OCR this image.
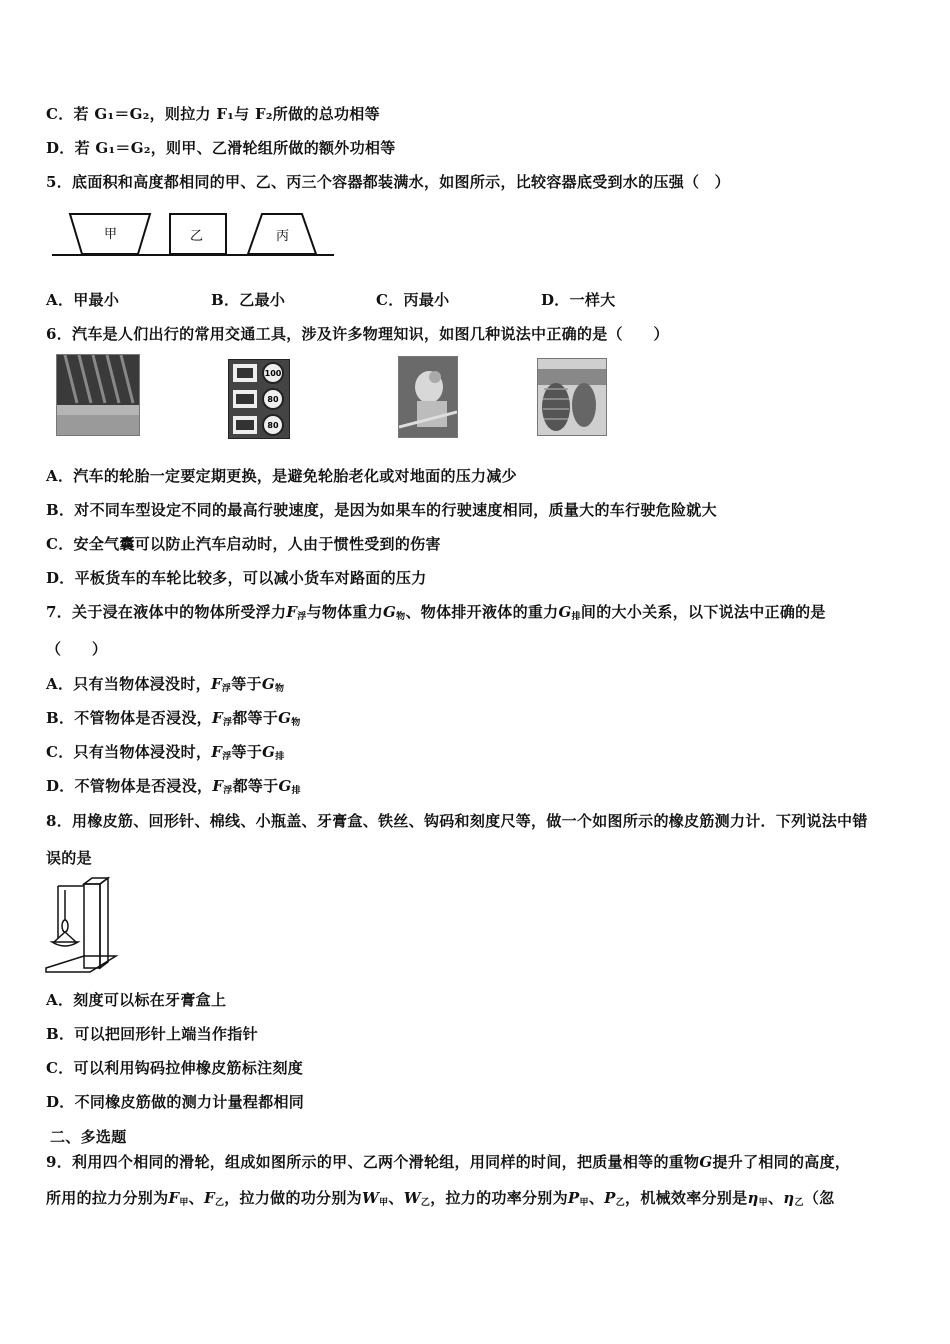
C．若 G₁＝G₂，则拉力 F₁与 F₂所做的总功相等
D．若 G₁＝G₂，则甲、乙滑轮组所做的额外功相等
5．底面积和高度都相同的甲、乙、丙三个容器都装满水，如图所示，比较容器底受到水的压强（　）
甲	乙	丙
A．甲最小	B．乙最小	C．丙最小	D．一样大
6．汽车是人们出行的常用交通工具，涉及许多物理知识，如图几种说法中正确的是（　　）
100
80
80
A．汽车的轮胎一定要定期更换，是避免轮胎老化或对地面的压力减少
B．对不同车型设定不同的最高行驶速度，是因为如果车的行驶速度相同，质量大的车行驶危险就大
C．安全气囊可以防止汽车启动时，人由于惯性受到的伤害
D．平板货车的车轮比较多，可以减小货车对路面的压力
7．关于浸在液体中的物体所受浮力$F_浮$与物体重力$G_物$、物体排开液体的重力$G_排$间的大小关系，以下说法中正确的是
（　　）
A．只有当物体浸没时，$F_浮$等于$G_物$
B．不管物体是否浸没，$F_浮$都等于$G_物$
C．只有当物体浸没时，$F_浮$等于$G_排$
D．不管物体是否浸没，$F_浮$都等于$G_排$
8．用橡皮筋、回形针、棉线、小瓶盖、牙膏盒、铁丝、钩码和刻度尺等，做一个如图所示的橡皮筋测力计．下列说法中错
误的是
A．刻度可以标在牙膏盒上
B．可以把回形针上端当作指针
C．可以利用钩码拉伸橡皮筋标注刻度
D．不同橡皮筋做的测力计量程都相同
二、多选题
9．利用四个相同的滑轮，组成如图所示的甲、乙两个滑轮组，用同样的时间，把质量相等的重物G提升了相同的高度，
所用的拉力分别为$F_甲$、$F_乙$，拉力做的功分别为$W_甲$、$W_乙$，拉力的功率分别为$P_甲$、$P_乙$，机械效率分别是$\eta_甲$、$\eta_乙$（忽
